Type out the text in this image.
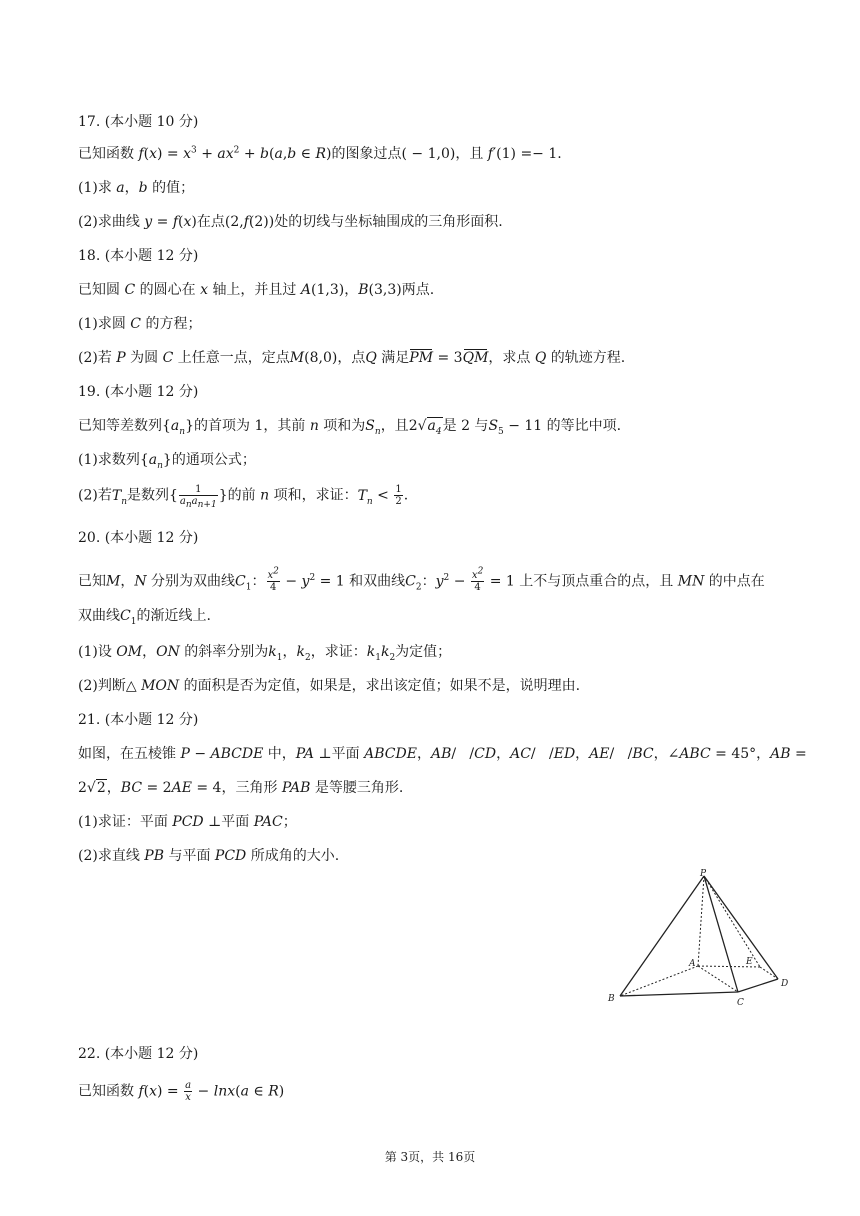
17. (本小题 10 分)
已知函数 $f(x) = x^3 + ax^2 + b(a,b$ ∈ R)的图象过点( − 1,0)，且 f′(1) =− 1.
(1)求 a，b 的值；
(2)求曲线 y = f(x)在点(2,f(2))处的切线与坐标轴围成的三角形面积.
18. (本小题 12 分)
已知圆 C 的圆心在 x 轴上，并且过 A(1,3)，B(3,3)两点.
(1)求圆 C 的方程；
(2)若 P 为圆 C 上任意一点，定点M(8,0)，点Q 满足PM = 3QM，求点 Q 的轨迹方程.
19. (本小题 12 分)
已知等差数列$\{a_n\}$的首项为 1，其前 n 项和为$S_n$，且$2√a_4$是 2 与$S_5 - 11$ 的等比中项.
(1)求数列$\{a_n\}$的通项公式；
(2)若$T_n$是数列{ $\frac{1}{a_na_{n+1}}$ }的前 n 项和，求证：$T_n < \frac{1}{2}$ .
20. (本小题 12 分)
已知M，N 分别为双曲线$C_1$： $\frac{x^2}{4} - y^2 = 1$ 和双曲线$C_2$：$y^2 - \frac{x^2}{4} = 1$ 上不与顶点重合的点，且 MN 的中点在
双曲线$C_1$的渐近线上.
(1)设 OM，ON 的斜率分别为$k_1$，$k_2$，求证：$k_1k_2$为定值；
(2)判断△ MON 的面积是否为定值，如果是，求出该定值；如果不是，说明理由.
21. (本小题 12 分)
如图，在五棱锥 P − ABCDE 中，PA ⊥平面 ABCDE，AB/   /CD，AC/   /ED，AE/   /BC，∠ABC = 45°，AB =
2√2，BC = 2AE = 4，三角形 PAB 是等腰三角形.
(1)求证：平面 PCD ⊥平面 PAC；
(2)求直线 PB 与平面 PCD 所成角的大小.
P
A
B	C
D
E
22. (本小题 12 分)
已知函数 $f(x) = \frac{a}{x} - \ln x(a$ ∈ R)
第 3页，共 16页
